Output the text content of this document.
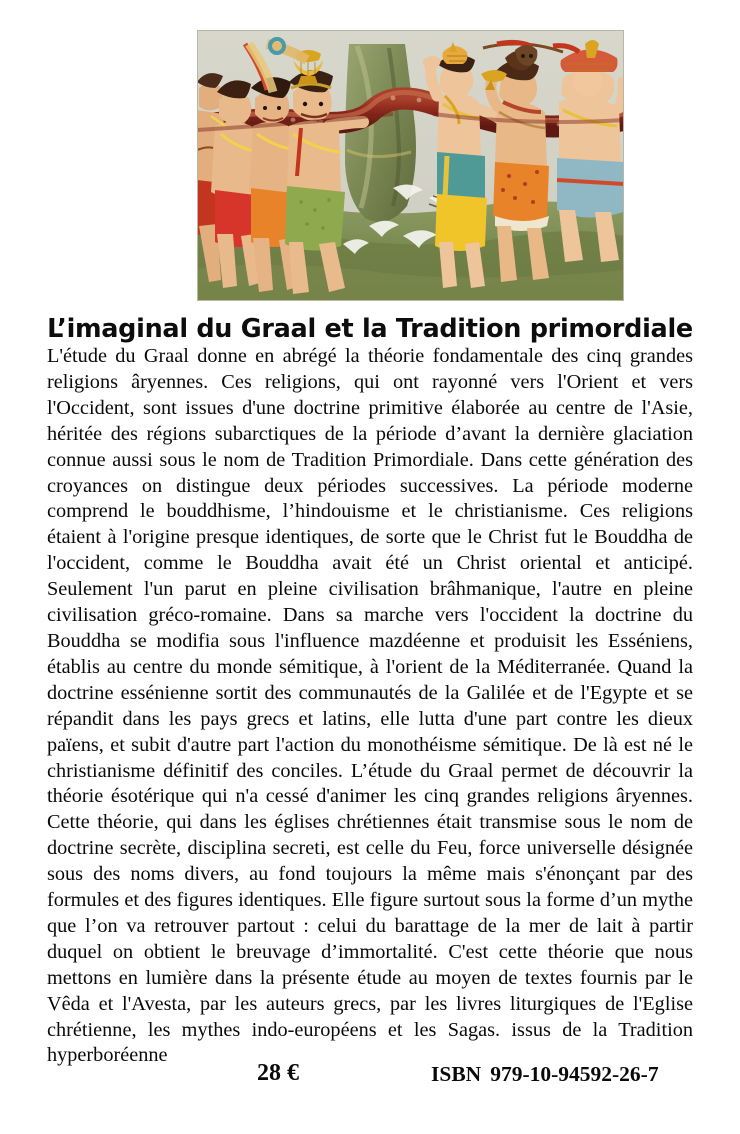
L’imaginal du Graal et la Tradition primordiale

L'étude du Graal donne en abrégé la théorie fondamentale des cinq grandes religions âryennes. Ces religions, qui ont rayonné vers l'Orient et vers l'Occident, sont issues d'une doctrine primitive élaborée au centre de l'Asie, héritée des régions subarctiques de la période d’avant la dernière glaciation connue aussi sous le nom de Tradition Primordiale. Dans cette génération des croyances on distingue deux périodes successives. La période moderne comprend le bouddhisme, l’hindouisme et le christianisme. Ces religions étaient à l'origine presque identiques, de sorte que le Christ fut le Bouddha de l'occident, comme le Bouddha avait été un Christ oriental et anticipé. Seulement l'un parut en pleine civilisation brâhmanique, l'autre en pleine civilisation gréco-romaine. Dans sa marche vers l'occident la doctrine du Bouddha se modifia sous l'influence mazdéenne et produisit les Esséniens, établis au centre du monde sémitique, à l'orient de la Méditerranée. Quand la doctrine essénienne sortit des communautés de la Galilée et de l'Egypte et se répandit dans les pays grecs et latins, elle lutta d'une part contre les dieux païens, et subit d'autre part l'action du monothéisme sémitique. De là est né le christianisme définitif des conciles. L’étude du Graal permet de découvrir la théorie ésotérique qui n'a cessé d'animer les cinq grandes religions âryennes. Cette théorie, qui dans les églises chrétiennes était transmise sous le nom de doctrine secrète, disciplina secreti, est celle du Feu, force universelle désignée sous des noms divers, au fond toujours la même mais s'énonçant par des formules et des figures identiques. Elle figure surtout sous la forme d’un mythe que l’on va retrouver partout : celui du barattage de la mer de lait à partir duquel on obtient le breuvage d’immortalité. C'est cette théorie que nous mettons en lumière dans la présente étude au moyen de textes fournis par le Vêda et l'Avesta, par les auteurs grecs, par les livres liturgiques de l'Eglise chrétienne, les mythes indo-européens et les Sagas. issus de la Tradition hyperboréenne

28 €	ISBN 979-10-94592-26-7
